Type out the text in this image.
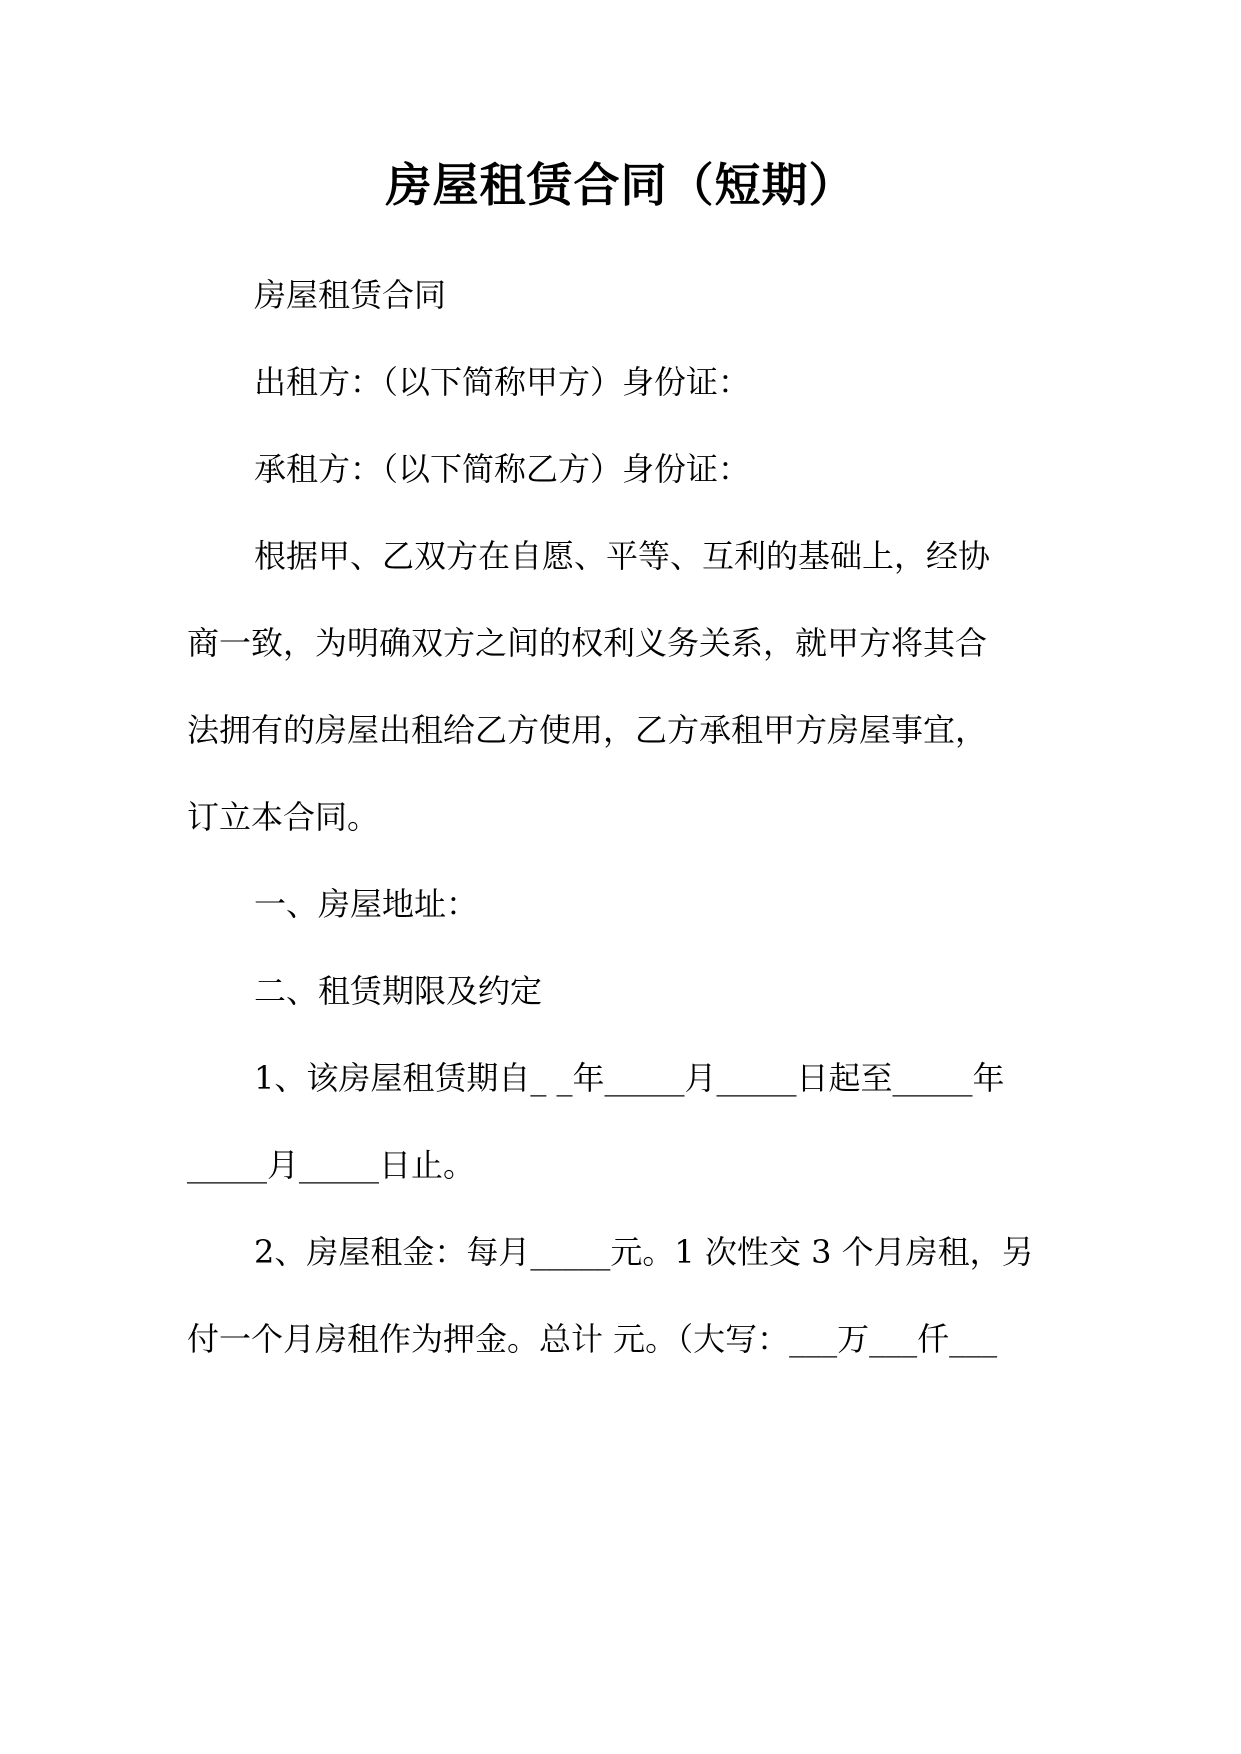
房屋租赁合同（短期）
房屋租赁合同
出租方：（以下简称甲方）身份证：
承租方：（以下简称乙方）身份证：
根据甲、乙双方在自愿、平等、互利的基础上，经协
商一致，为明确双方之间的权利义务关系，就甲方将其合
法拥有的房屋出租给乙方使用，乙方承租甲方房屋事宜，
订立本合同。
一、房屋地址：
二、租赁期限及约定
1、该房屋租赁期自_ _年_____月_____日起至_____年
_____月_____日止。
2、房屋租金：每月_____元。1 次性交 3 个月房租，另
付一个月房租作为押金。总计 元。（大写：___万___仟___
